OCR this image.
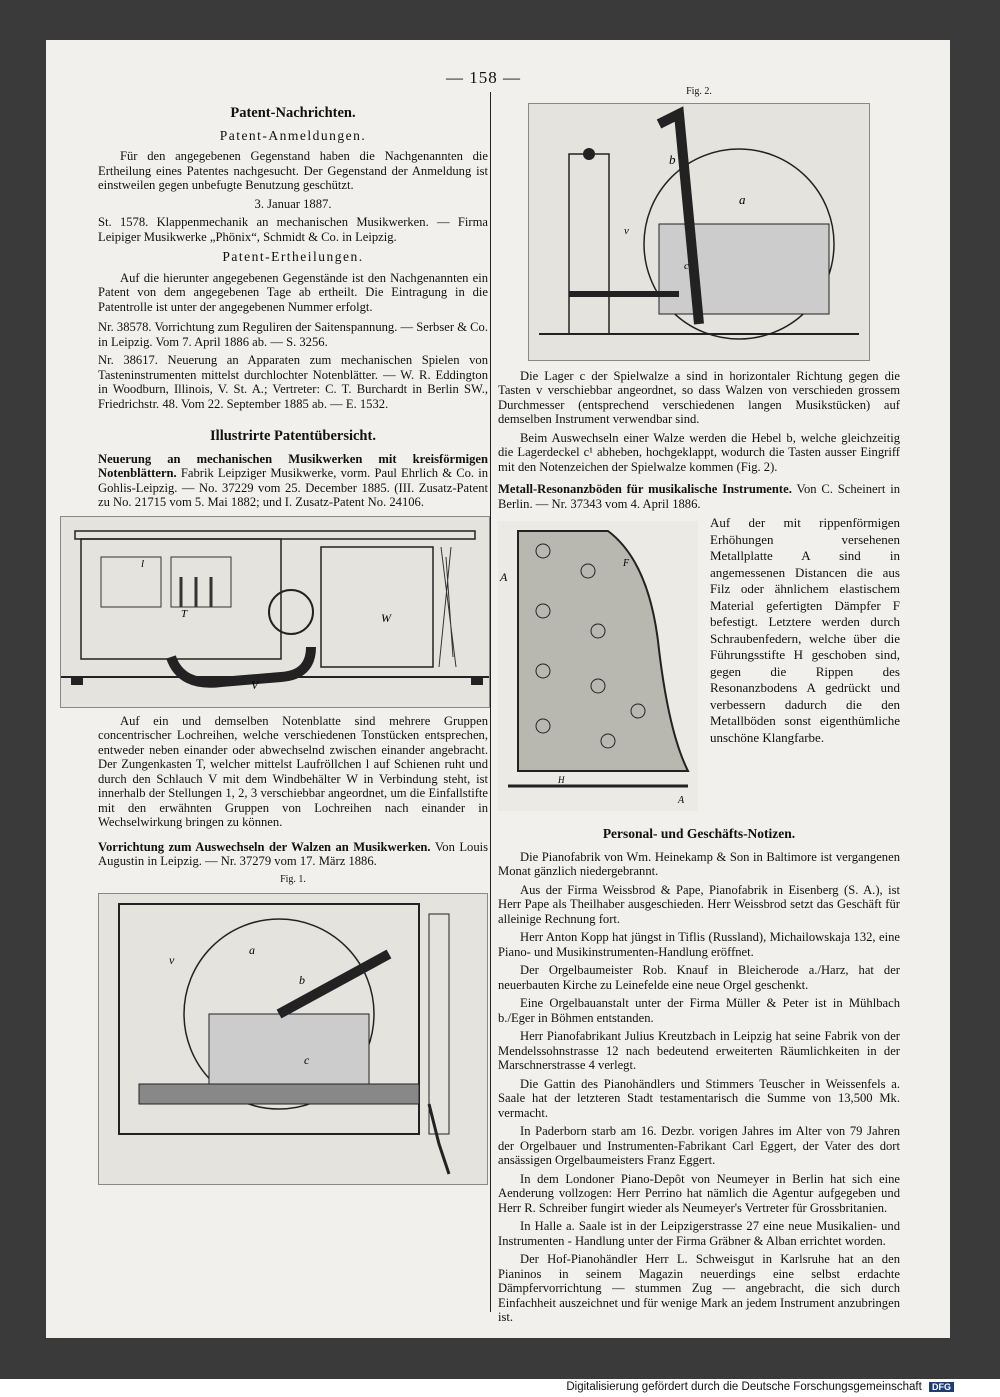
— 158 —
Patent-Nachrichten.
Patent-Anmeldungen.

Für den angegebenen Gegenstand haben die Nachgenannten die Ertheilung eines Patentes nachgesucht. Der Gegenstand der Anmeldung ist einstweilen gegen unbefugte Benutzung geschützt.

3. Januar 1887.

St. 1578. Klappenmechanik an mechanischen Musikwerken. — Firma Leipiger Musikwerke „Phönix“, Schmidt & Co. in Leipzig.

Patent-Ertheilungen.

Auf die hierunter angegebenen Gegenstände ist den Nachgenannten ein Patent von dem angegebenen Tage ab ertheilt. Die Eintragung in die Patentrolle ist unter der angegebenen Nummer erfolgt.

Nr. 38578. Vorrichtung zum Reguliren der Saitenspannung. — Serbser & Co. in Leipzig. Vom 7. April 1886 ab. — S. 3256.

Nr. 38617. Neuerung an Apparaten zum mechanischen Spielen von Tasteninstrumenten mittelst durchlochter Notenblätter. — W. R. Eddington in Woodburn, Illinois, V. St. A.; Vertreter: C. T. Burchardt in Berlin SW., Friedrichstr. 48. Vom 22. September 1885 ab. — E. 1532.

Illustrirte Patentübersicht.

Neuerung an mechanischen Musikwerken mit kreisförmigen Notenblättern. Fabrik Leipziger Musikwerke, vorm. Paul Ehrlich & Co. in Gohlis-Leipzig. — No. 37229 vom 25. December 1885. (III. Zusatz-Patent zu No. 21715 vom 5. Mai 1882; und I. Zusatz-Patent No. 24106.

W
V
T
l

Auf ein und demselben Notenblatte sind mehrere Gruppen concentrischer Lochreihen, welche verschiedenen Tonstücken entsprechen, entweder neben einander oder abwechselnd zwischen einander angebracht. Der Zungenkasten T, welcher mittelst Laufröllchen l auf Schienen ruht und durch den Schlauch V mit dem Windbehälter W in Verbindung steht, ist innerhalb der Stellungen 1, 2, 3 verschiebbar angeordnet, um die Einfallstifte mit den erwähnten Gruppen von Lochreihen nach einander in Wechselwirkung bringen zu können.

Vorrichtung zum Auswechseln der Walzen an Musikwerken. Von Louis Augustin in Leipzig. — Nr. 37279 vom 17. März 1886.

Fig. 1.
a
b
v
c
Fig. 2.
a
b
v
c

Die Lager c der Spielwalze a sind in horizontaler Richtung gegen die Tasten v verschiebbar angeordnet, so dass Walzen von verschieden grossem Durchmesser (entsprechend verschiedenen langen Musikstücken) auf demselben Instrument verwendbar sind.

Beim Auswechseln einer Walze werden die Hebel b, welche gleichzeitig die Lagerdeckel c¹ abheben, hochgeklappt, wodurch die Tasten ausser Eingriff mit den Notenzeichen der Spielwalze kommen (Fig. 2).

Metall-Resonanzböden für musikalische Instrumente. Von C. Scheinert in Berlin. — Nr. 37343 vom 4. April 1886.

Auf der mit rippenförmigen Erhöhungen versehenen Metallplatte A sind in angemessenen Distancen die aus Filz oder ähnlichem elastischem Material gefertigten Dämpfer F befestigt. Letztere werden durch Schraubenfedern, welche über die Führungsstifte H geschoben sind, gegen die Rippen des Resonanzbodens A gedrückt und verbessern dadurch die den Metallböden sonst eigenthümliche unschöne Klangfarbe.
A
F
A
H
Personal- und Geschäfts-Notizen.

Die Pianofabrik von Wm. Heinekamp & Son in Baltimore ist vergangenen Monat gänzlich niedergebrannt.

Aus der Firma Weissbrod & Pape, Pianofabrik in Eisenberg (S. A.), ist Herr Pape als Theilhaber ausgeschieden. Herr Weissbrod setzt das Geschäft für alleinige Rechnung fort.

Herr Anton Kopp hat jüngst in Tiflis (Russland), Michailowskaja 132, eine Piano- und Musikinstrumenten-Handlung eröffnet.

Der Orgelbaumeister Rob. Knauf in Bleicherode a./Harz, hat der neuerbauten Kirche zu Leinefelde eine neue Orgel geschenkt.

Eine Orgelbauanstalt unter der Firma Müller & Peter ist in Mühlbach b./Eger in Böhmen entstanden.

Herr Pianofabrikant Julius Kreutzbach in Leipzig hat seine Fabrik von der Mendelssohnstrasse 12 nach bedeutend erweiterten Räumlichkeiten in der Marschnerstrasse 4 verlegt.

Die Gattin des Pianohändlers und Stimmers Teuscher in Weissenfels a. Saale hat der letzteren Stadt testamentarisch die Summe von 13,500 Mk. vermacht.

In Paderborn starb am 16. Dezbr. vorigen Jahres im Alter von 79 Jahren der Orgelbauer und Instrumenten-Fabrikant Carl Eggert, der Vater des dort ansässigen Orgelbaumeisters Franz Eggert.

In dem Londoner Piano-Depôt von Neumeyer in Berlin hat sich eine Aenderung vollzogen: Herr Perrino hat nämlich die Agentur aufgegeben und Herr R. Schreiber fungirt wieder als Neumeyer's Vertreter für Grossbritanien.

In Halle a. Saale ist in der Leipzigerstrasse 27 eine neue Musikalien- und Instrumenten - Handlung unter der Firma Gräbner & Alban errichtet worden.

Der Hof-Pianohändler Herr L. Schweisgut in Karlsruhe hat an den Pianinos in seinem Magazin neuerdings eine selbst erdachte Dämpfervorrichtung — stummen Zug — angebracht, die sich durch Einfachheit auszeichnet und für wenige Mark an jedem Instrument anzubringen ist.

Digitalisierung gefördert durch die Deutsche Forschungsgemeinschaft DFG
